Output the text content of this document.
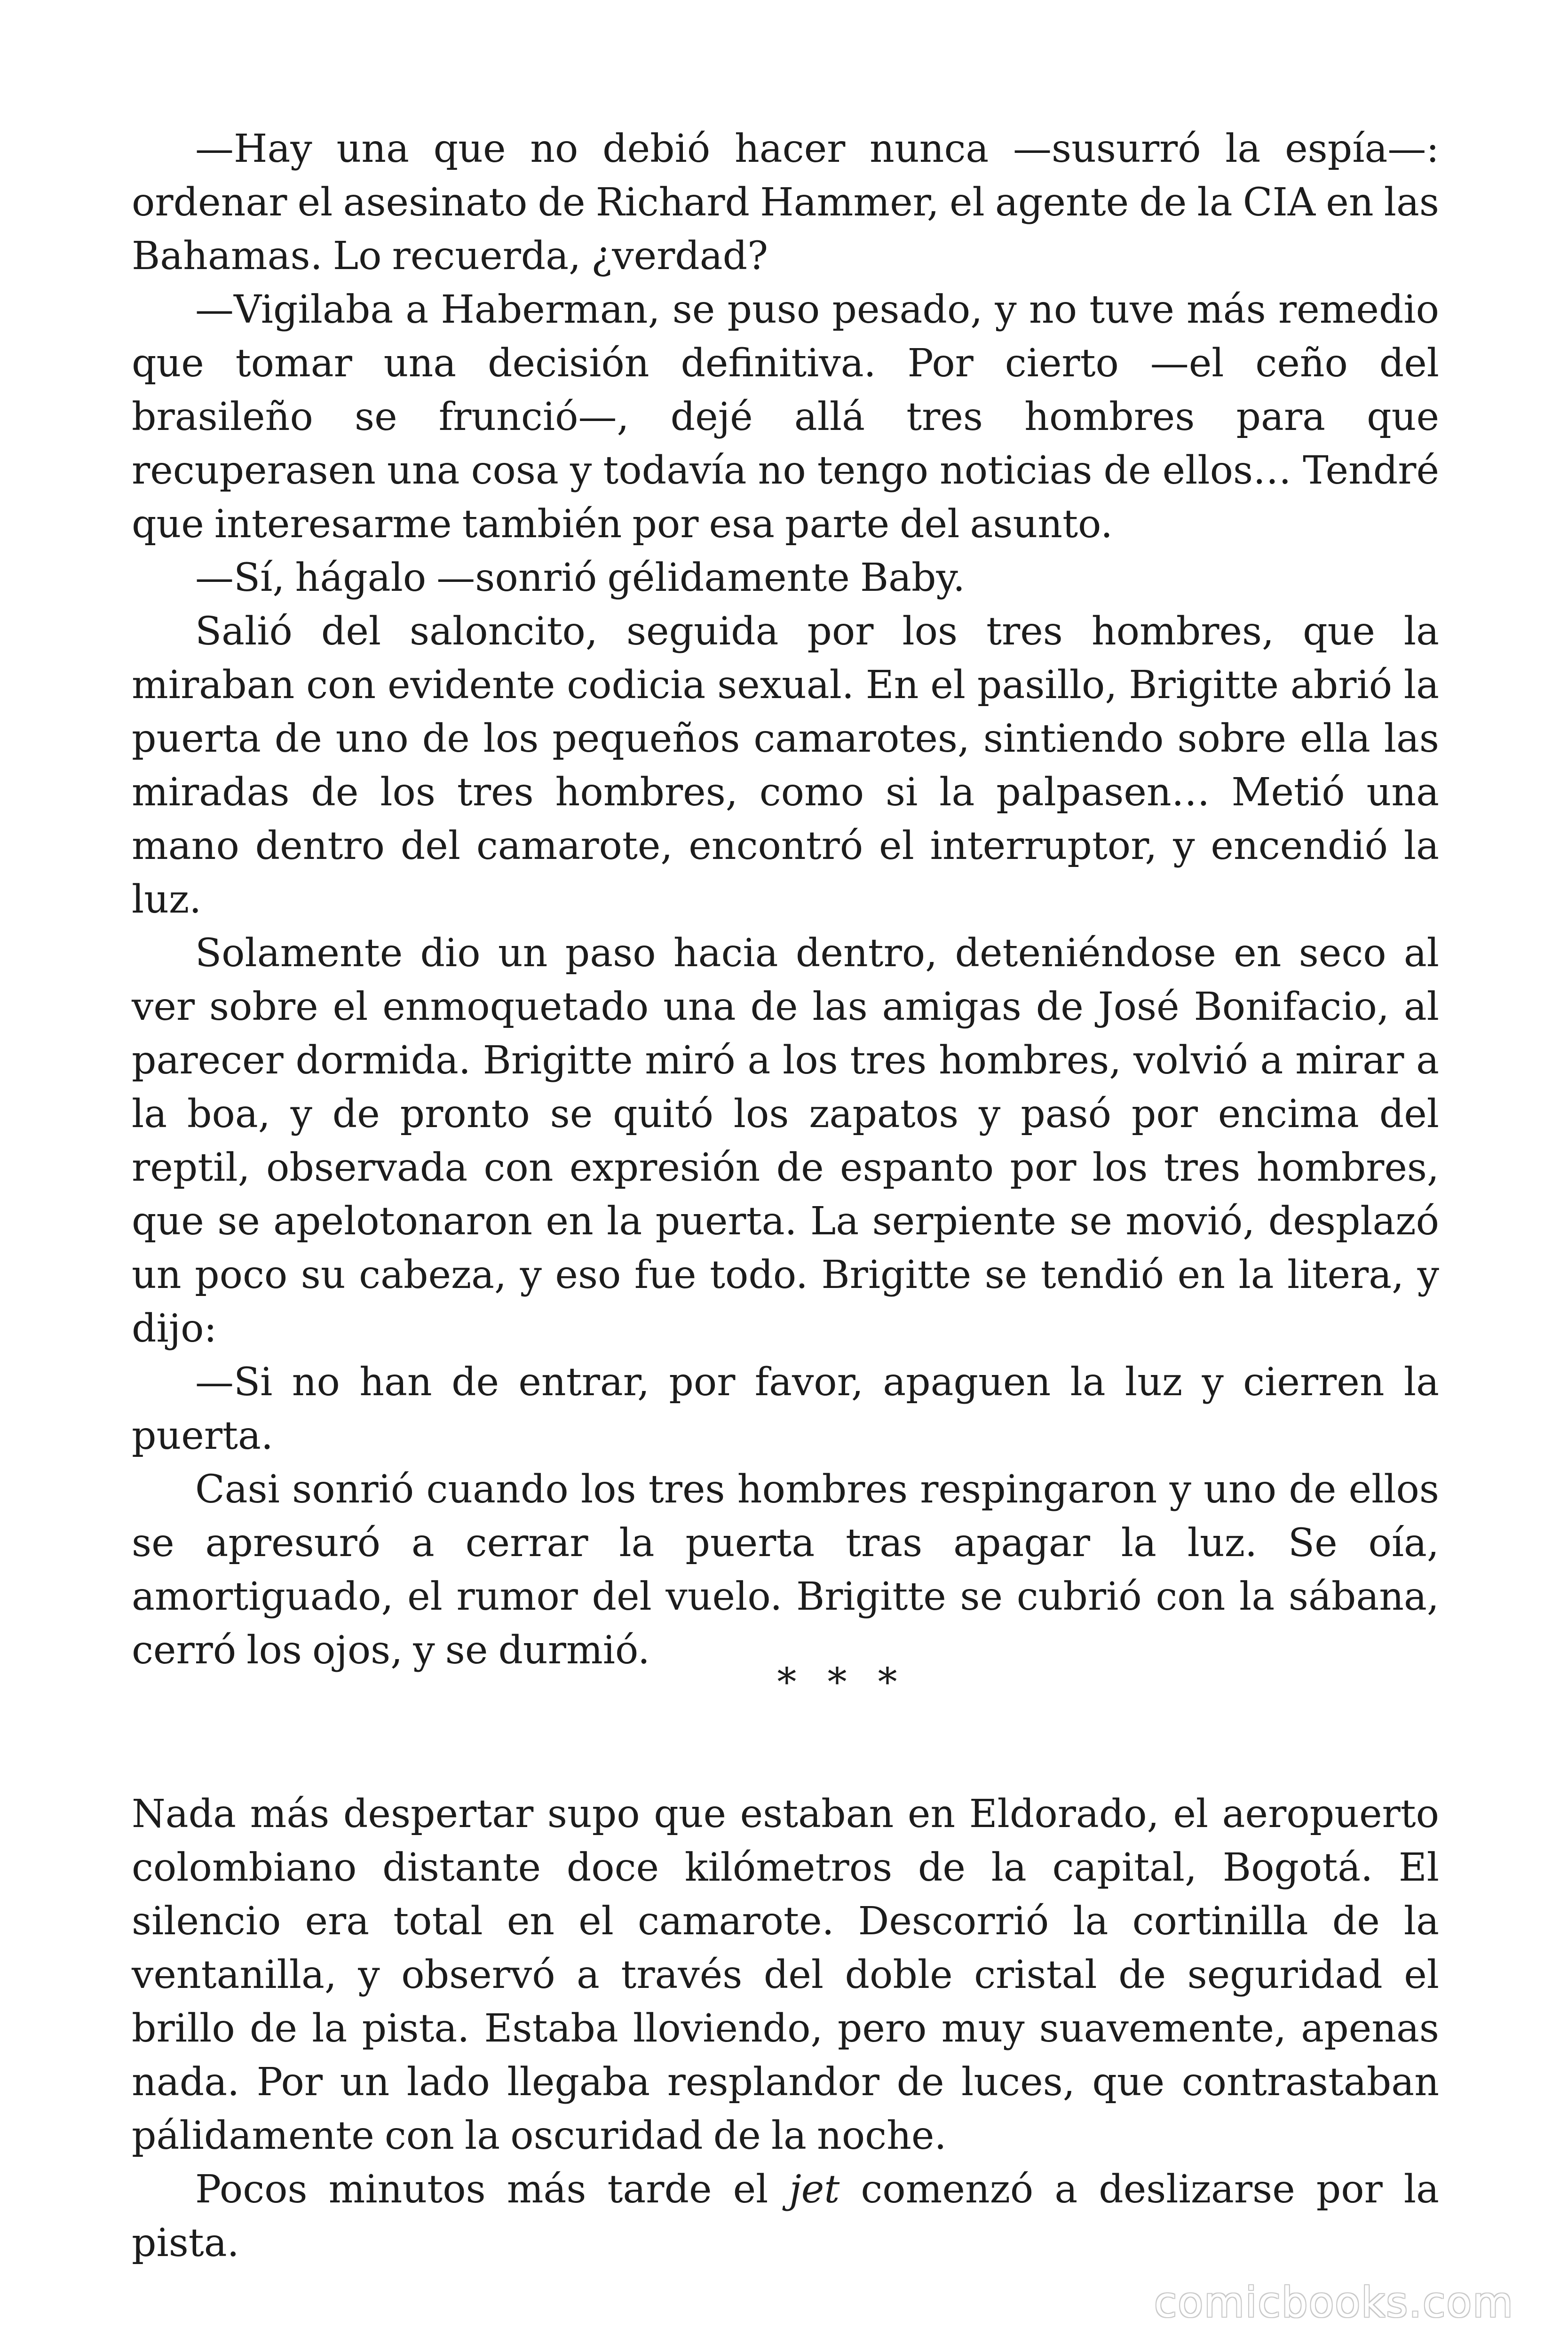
—Hay una que no debió hacer nunca —susurró la espía—: ordenar el asesinato de Richard Hammer, el agente de la CIA en las Bahamas. Lo recuerda, ¿verdad?

—Vigilaba a Haberman, se puso pesado, y no tuve más remedio que tomar una decisión definitiva. Por cierto —el ceño del brasileño se frunció—, dejé allá tres hombres para que recuperasen una cosa y todavía no tengo noticias de ellos… Tendré que interesarme también por esa parte del asunto.

—Sí, hágalo —sonrió gélidamente Baby.

Salió del saloncito, seguida por los tres hombres, que la miraban con evidente codicia sexual. En el pasillo, Brigitte abrió la puerta de uno de los pequeños camarotes, sintiendo sobre ella las miradas de los tres hombres, como si la palpasen… Metió una mano dentro del camarote, encontró el interruptor, y encendió la luz.

Solamente dio un paso hacia dentro, deteniéndose en seco al ver sobre el enmoquetado una de las amigas de José Bonifacio, al parecer dormida. Brigitte miró a los tres hombres, volvió a mirar a la boa, y de pronto se quitó los zapatos y pasó por encima del reptil, observada con expresión de espanto por los tres hombres, que se apelotonaron en la puerta. La serpiente se movió, desplazó un poco su cabeza, y eso fue todo. Brigitte se tendió en la litera, y dijo:

—Si no han de entrar, por favor, apaguen la luz y cierren la puerta.

Casi sonrió cuando los tres hombres respingaron y uno de ellos se apresuró a cerrar la puerta tras apagar la luz. Se oía, amortiguado, el rumor del vuelo. Brigitte se cubrió con la sábana, cerró los ojos, y se durmió.

* * *

Nada más despertar supo que estaban en Eldorado, el aeropuerto colombiano distante doce kilómetros de la capital, Bogotá. El silencio era total en el camarote. Descorrió la cortinilla de la ventanilla, y observó a través del doble cristal de seguridad el brillo de la pista. Estaba lloviendo, pero muy suavemente, apenas nada. Por un lado llegaba resplandor de luces, que contrastaban pálidamente con la oscuridad de la noche.

Pocos minutos más tarde el jet comenzó a deslizarse por la pista.

comicbooks.com
